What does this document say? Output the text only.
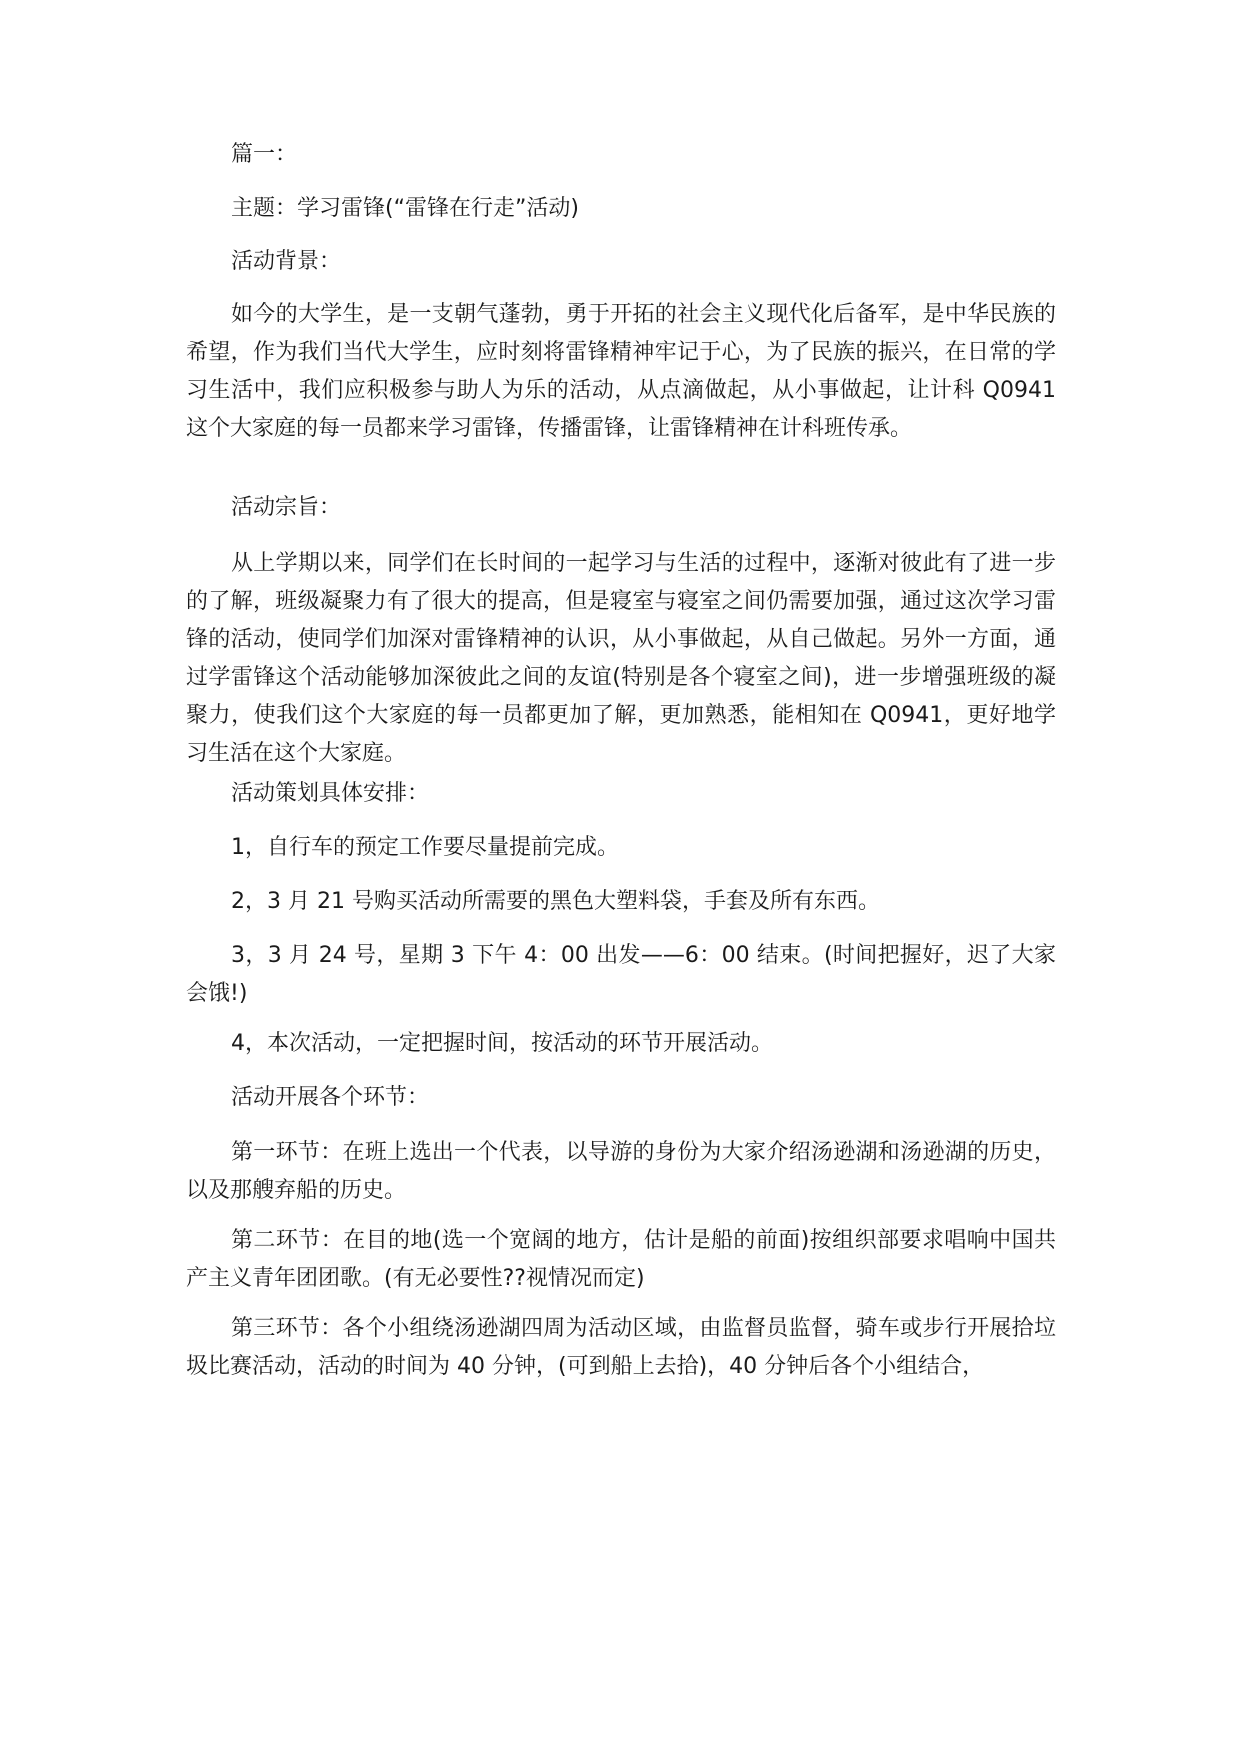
篇一：

主题：学习雷锋(“雷锋在行走”活动)

活动背景：

如今的大学生，是一支朝气蓬勃，勇于开拓的社会主义现代化后备军，是中华民族的希望，作为我们当代大学生，应时刻将雷锋精神牢记于心，为了民族的振兴，在日常的学习生活中，我们应积极参与助人为乐的活动，从点滴做起，从小事做起，让计科 Q0941 这个大家庭的每一员都来学习雷锋，传播雷锋，让雷锋精神在计科班传承。

活动宗旨：

从上学期以来，同学们在长时间的一起学习与生活的过程中，逐渐对彼此有了进一步的了解，班级凝聚力有了很大的提高，但是寝室与寝室之间仍需要加强，通过这次学习雷锋的活动，使同学们加深对雷锋精神的认识，从小事做起，从自己做起。另外一方面，通过学雷锋这个活动能够加深彼此之间的友谊(特别是各个寝室之间)，进一步增强班级的凝聚力，使我们这个大家庭的每一员都更加了解，更加熟悉，能相知在 Q0941，更好地学习生活在这个大家庭。

活动策划具体安排：

1，自行车的预定工作要尽量提前完成。

2，3 月 21 号购买活动所需要的黑色大塑料袋，手套及所有东西。

3，3 月 24 号，星期 3 下午 4：00 出发——6：00 结束。(时间把握好，迟了大家会饿!)

4，本次活动，一定把握时间，按活动的环节开展活动。

活动开展各个环节：

第一环节：在班上选出一个代表，以导游的身份为大家介绍汤逊湖和汤逊湖的历史，以及那艘弃船的历史。

第二环节：在目的地(选一个宽阔的地方，估计是船的前面)按组织部要求唱响中国共产主义青年团团歌。(有无必要性??视情况而定)

第三环节：各个小组绕汤逊湖四周为活动区域，由监督员监督，骑车或步行开展拾垃圾比赛活动，活动的时间为 40 分钟，(可到船上去拾)，40 分钟后各个小组结合，
